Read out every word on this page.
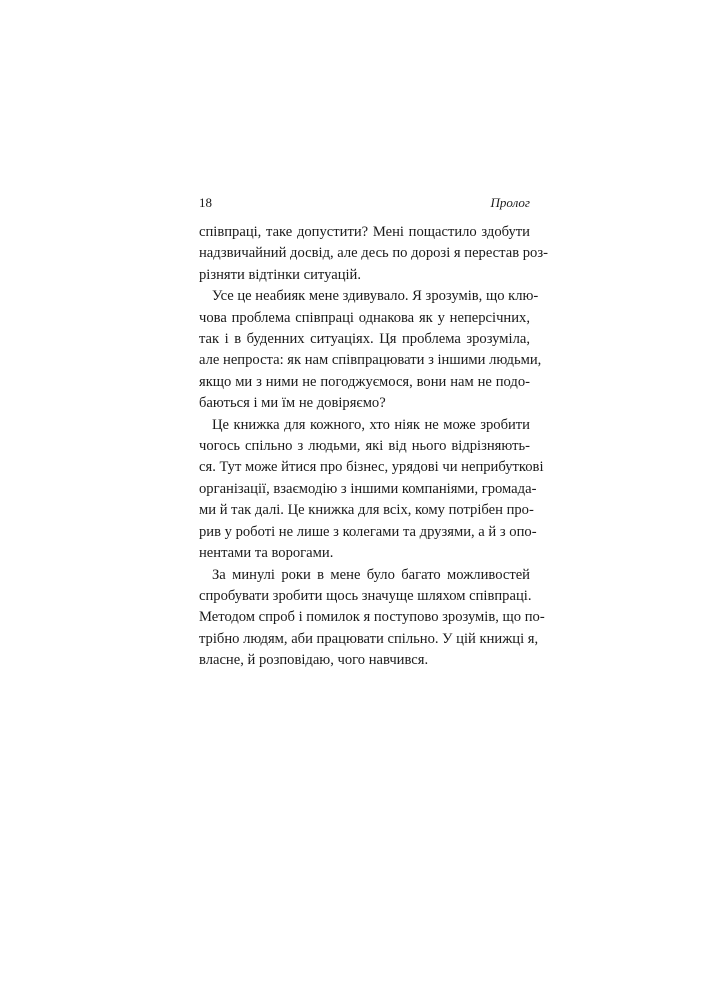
18	Пролог

співпраці, таке допустити? Мені пощастило здобути
надзвичайний досвід, але десь по дорозі я перестав роз-
різняти відтінки ситуацій.

Усе це неабияк мене здивувало. Я зрозумів, що клю-
чова проблема співпраці однакова як у неперсічних,
так і в буденних ситуаціях. Ця проблема зрозуміла,
але непроста: як нам співпрацювати з іншими людьми,
якщо ми з ними не погоджуємося, вони нам не подо-
баються і ми їм не довіряємо?

Це книжка для кожного, хто ніяк не може зробити
чогось спільно з людьми, які від нього відрізняють-
ся. Тут може йтися про бізнес, урядові чи неприбуткові
організації, взаємодію з іншими компаніями, громада-
ми й так далі. Це книжка для всіх, кому потрібен про-
рив у роботі не лише з колегами та друзями, а й з опо-
нентами та ворогами.

За минулі роки в мене було багато можливостей
спробувати зробити щось значуще шляхом співпраці.
Методом спроб і помилок я поступово зрозумів, що по-
трібно людям, аби працювати спільно. У цій книжці я,
власне, й розповідаю, чого навчився.
